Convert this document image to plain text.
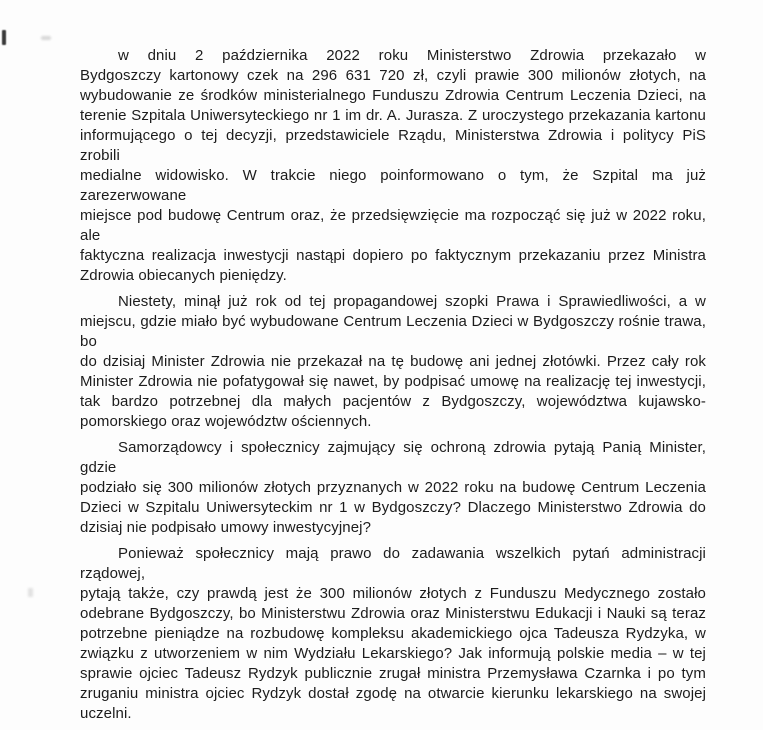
w dniu 2 października 2022 roku Ministerstwo Zdrowia przekazało w
Bydgoszczy kartonowy czek na 296 631 720 zł, czyli prawie 300 milionów złotych, na
wybudowanie ze środków ministerialnego Funduszu Zdrowia Centrum Leczenia Dzieci, na
terenie Szpitala Uniwersyteckiego nr 1 im dr. A. Jurasza. Z uroczystego przekazania kartonu
informującego o tej decyzji, przedstawiciele Rządu, Ministerstwa Zdrowia i politycy PiS zrobili
medialne widowisko. W trakcie niego poinformowano o tym, że Szpital ma już zarezerwowane
miejsce pod budowę Centrum oraz, że przedsięwzięcie ma rozpocząć się już w 2022 roku, ale
faktyczna realizacja inwestycji nastąpi dopiero po faktycznym przekazaniu przez Ministra
Zdrowia obiecanych pieniędzy.

Niestety, minął już rok od tej propagandowej szopki Prawa i Sprawiedliwości, a w
miejscu, gdzie miało być wybudowane Centrum Leczenia Dzieci w Bydgoszczy rośnie trawa, bo
do dzisiaj Minister Zdrowia nie przekazał na tę budowę ani jednej złotówki. Przez cały rok
Minister Zdrowia nie pofatygował się nawet, by podpisać umowę na realizację tej inwestycji,
tak bardzo potrzebnej dla małych pacjentów z Bydgoszczy, województwa kujawsko-
pomorskiego oraz województw ościennych.

Samorządowcy i społecznicy zajmujący się ochroną zdrowia pytają Panią Minister, gdzie
podziało się 300 milionów złotych przyznanych w 2022 roku na budowę Centrum Leczenia
Dzieci w Szpitalu Uniwersyteckim nr 1 w Bydgoszczy? Dlaczego Ministerstwo Zdrowia do
dzisiaj nie podpisało umowy inwestycyjnej?

Ponieważ społecznicy mają prawo do zadawania wszelkich pytań administracji rządowej,
pytają także, czy prawdą jest że 300 milionów złotych z Funduszu Medycznego zostało
odebrane Bydgoszczy, bo Ministerstwu Zdrowia oraz Ministerstwu Edukacji i Nauki są teraz
potrzebne pieniądze na rozbudowę kompleksu akademickiego ojca Tadeusza Rydzyka, w
związku z utworzeniem w nim Wydziału Lekarskiego? Jak informują polskie media – w tej
sprawie ojciec Tadeusz Rydzyk publicznie zrugał ministra Przemysława Czarnka i po tym
zruganiu ministra ojciec Rydzyk dostał zgodę na otwarcie kierunku lekarskiego na swojej
uczelni.
